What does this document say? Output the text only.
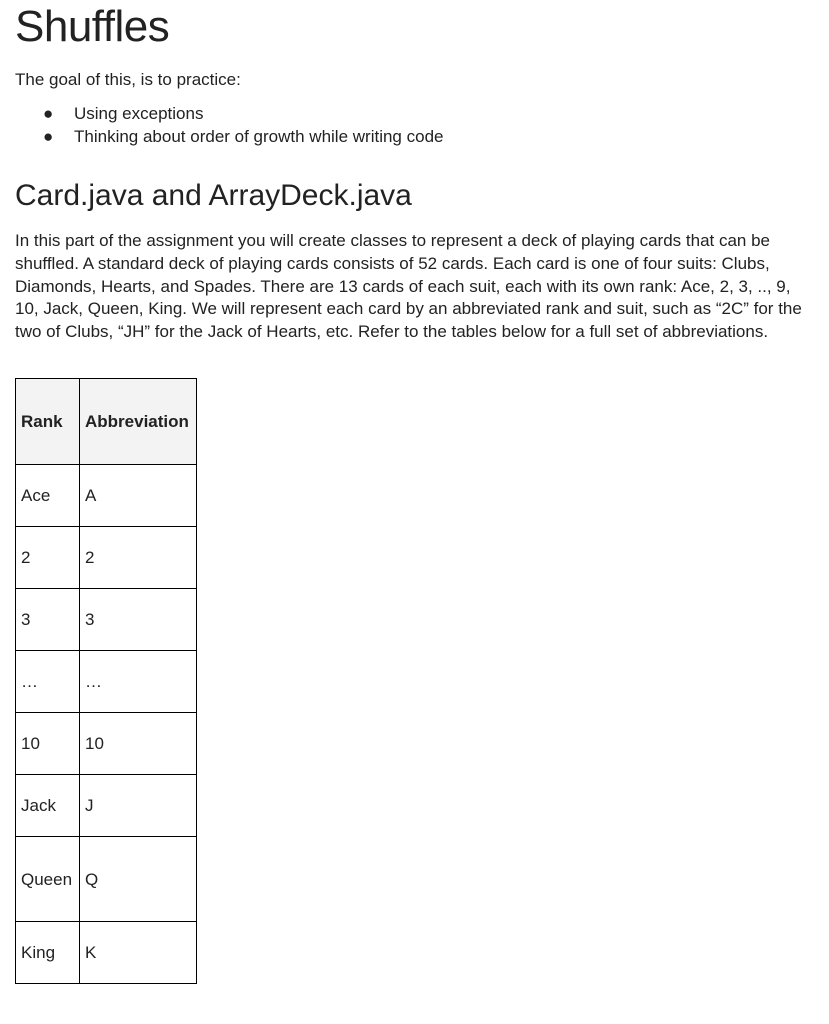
Shuffles

The goal of this, is to practice:

● Using exceptions
● Thinking about order of growth while writing code
Card.java and ArrayDeck.java

In this part of the assignment you will create classes to represent a deck of playing cards that can be shuffled. A standard deck of playing cards consists of 52 cards. Each card is one of four suits: Clubs, Diamonds, Hearts, and Spades. There are 13 cards of each suit, each with its own rank: Ace, 2, 3, .., 9, 10, Jack, Queen, King. We will represent each card by an abbreviated rank and suit, such as “2C” for the two of Clubs, “JH” for the Jack of Hearts, etc. Refer to the tables below for a full set of abbreviations.

Rank	Abbreviation
Ace	A
2	2
3	3
…	…
10	10
Jack	J
Queen	Q
King	K
